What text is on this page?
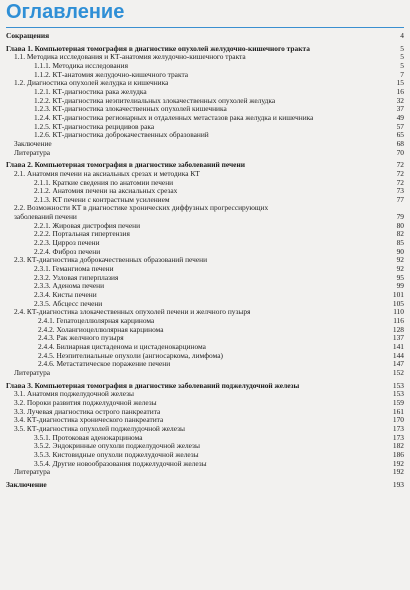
Оглавление
Сокращения	4
Глава 1. Компьютерная томография в диагностике опухолей желудочно-кишечного тракта	5
1.1. Методика исследования и КТ-анатомия желудочно-кишечного тракта	5
1.1.1. Методика исследования	5
1.1.2. КТ-анатомия желудочно-кишечного тракта	7
1.2. Диагностика опухолей желудка и кишечника	15
1.2.1. КТ-диагностика рака желудка	16
1.2.2. КТ-диагностика неэпителиальных злокачественных опухолей желудка	32
1.2.3. КТ-диагностика злокачественных опухолей кишечника	37
1.2.4. КТ-диагностика регионарных и отдаленных метастазов рака желудка и кишечника	49
1.2.5. КТ-диагностика рецидивов рака	57
1.2.6. КТ-диагностика доброкачественных образований	65
Заключение	68
Литература	70
Глава 2. Компьютерная томография в диагностике заболеваний печени	72
2.1. Анатомия печени на аксиальных срезах и методика КТ	72
2.1.1. Краткие сведения по анатомии печени	72
2.1.2. Анатомия печени на аксиальных срезах	73
2.1.3. КТ печени с контрастным усилением	77
2.2. Возможности КТ в диагностике хронических диффузных прогрессирующих
заболеваний печени	79
2.2.1. Жировая дистрофия печени	80
2.2.2. Портальная гипертензия	82
2.2.3. Цирроз печени	85
2.2.4. Фиброз печени	90
2.3. КТ-диагностика доброкачественных образований печени	92
2.3.1. Гемангиома печени	92
2.3.2. Узловая гиперплазия	95
2.3.3. Аденома печени	99
2.3.4. Кисты печени	101
2.3.5. Абсцесс печени	105
2.4. КТ-диагностика злокачественных опухолей печени и желчного пузыря	110
2.4.1. Гепатоцеллюлярная карцинома	116
2.4.2. Холангиоцеллюлярная карцинома	128
2.4.3. Рак желчного пузыря	137
2.4.4. Билиарная цистаденома и цистаденокарцинома	141
2.4.5. Неэпителиальные опухоли (ангиосаркома, лимфома)	144
2.4.6. Метастатическое поражение печени	147
Литература	152
Глава 3. Компьютерная томография в диагностике заболеваний поджелудочной железы	153
3.1. Анатомия поджелудочной железы	153
3.2. Пороки развития поджелудочной железы	159
3.3. Лучевая диагностика острого панкреатита	161
3.4. КТ-диагностика хронического панкреатита	170
3.5. КТ-диагностика опухолей поджелудочной железы	173
3.5.1. Протоковая аденокарцинома	173
3.5.2. Эндокринные опухоли поджелудочной железы	182
3.5.3. Кистовидные опухоли поджелудочной железы	186
3.5.4. Другие новообразования поджелудочной железы	192
Литература	192
Заключение	193
